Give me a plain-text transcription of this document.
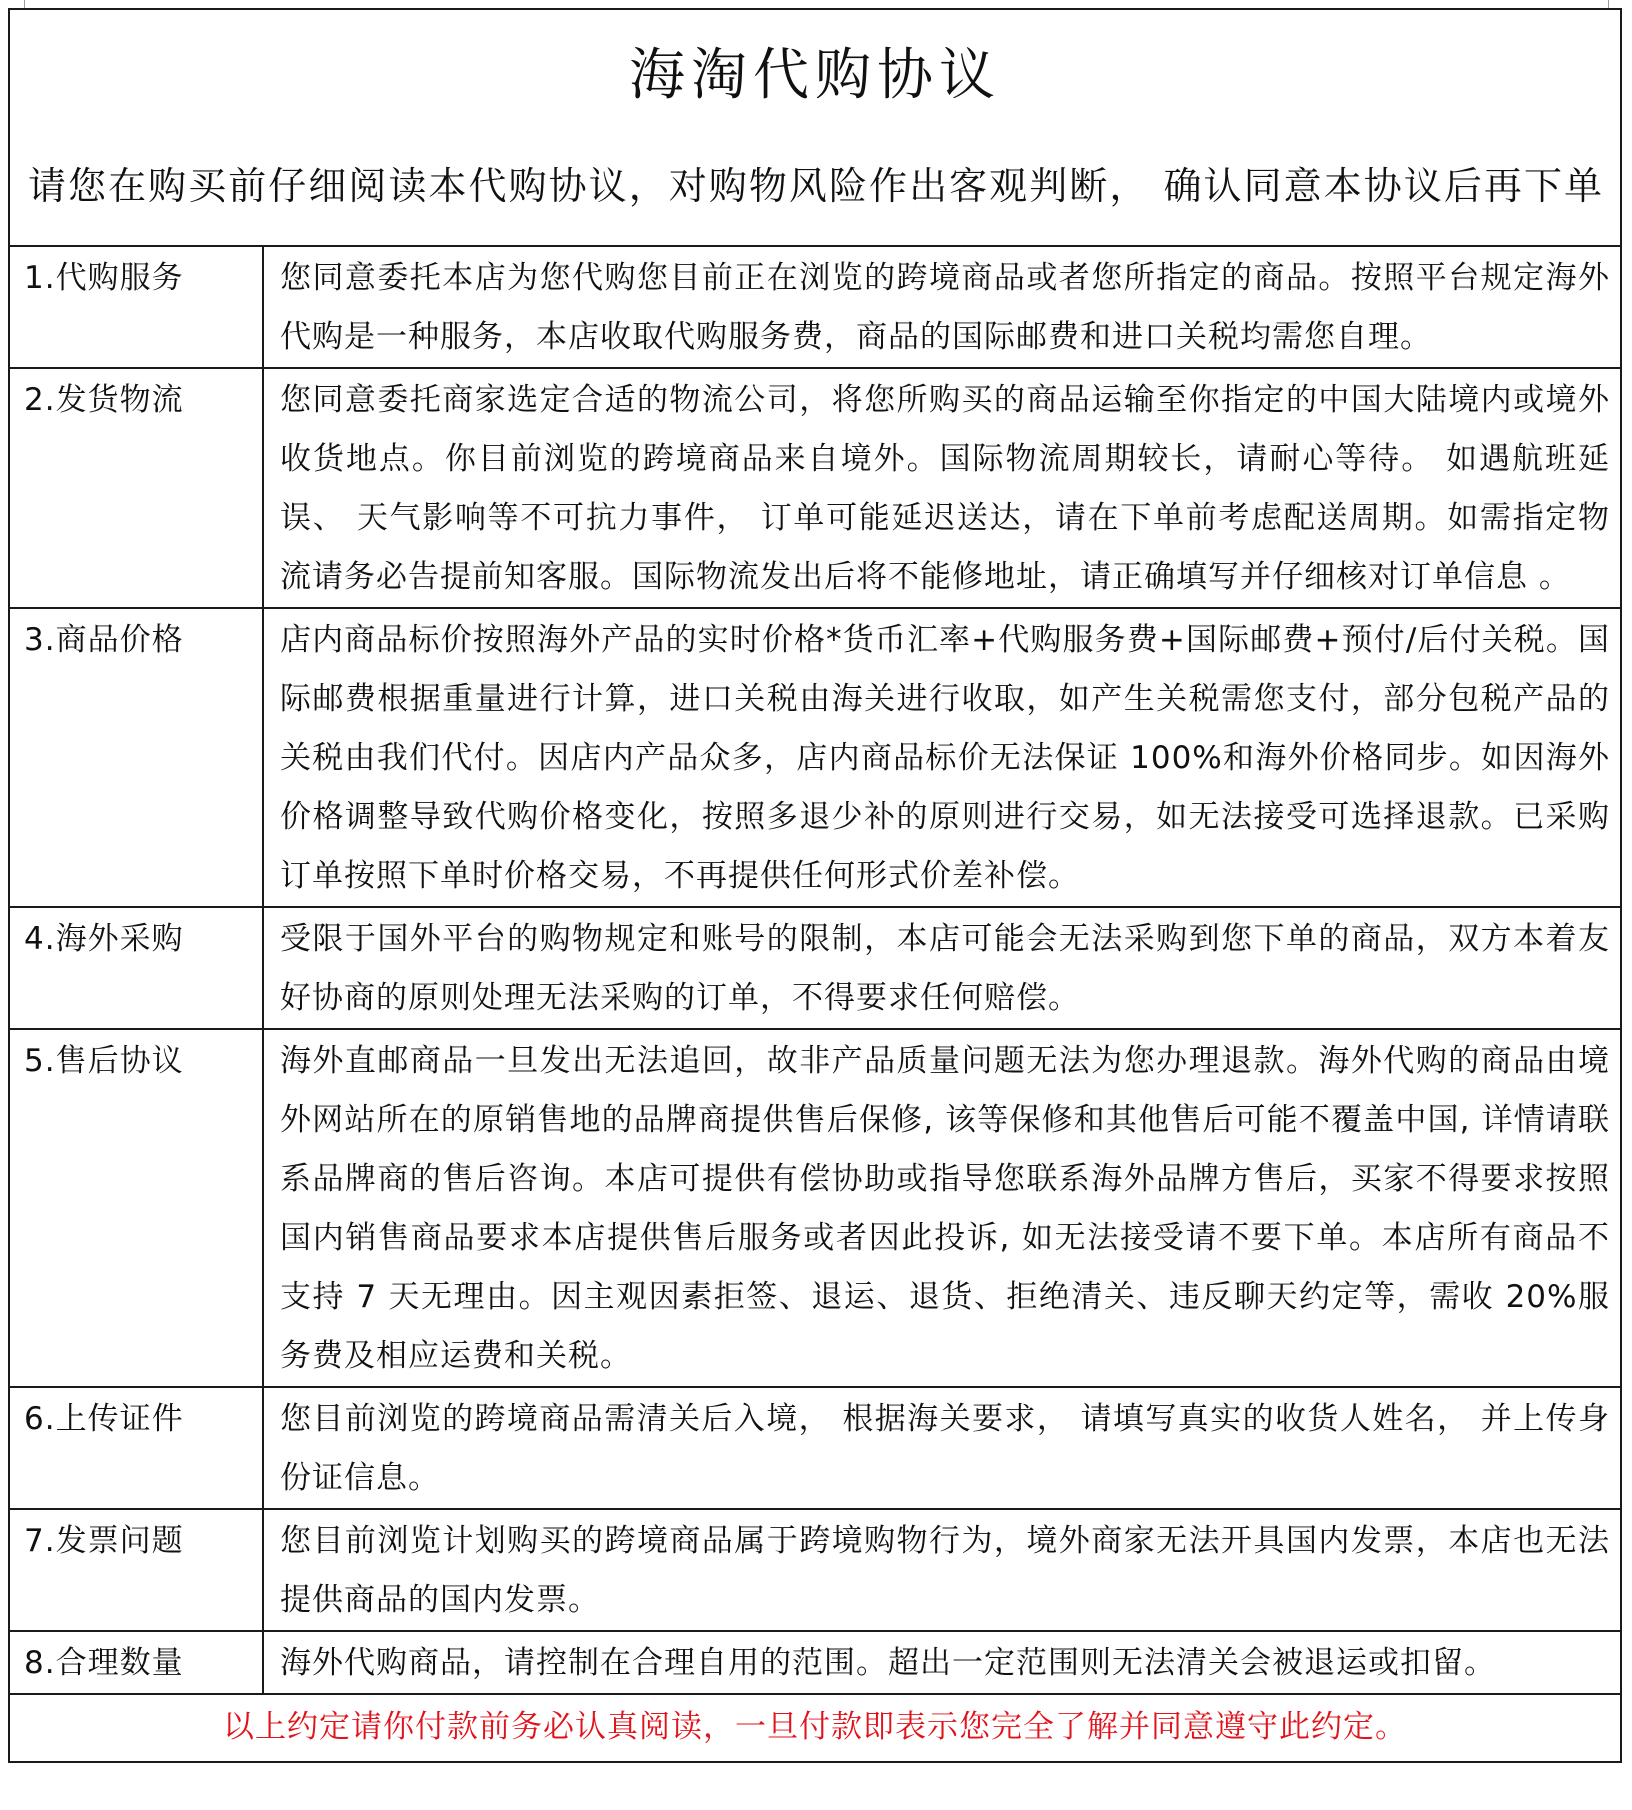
海淘代购协议
请您在购买前仔细阅读本代购协议，对购物风险作出客观判断， 确认同意本协议后再下单
1.代购服务	您同意委托本店为您代购您目前正在浏览的跨境商品或者您所指定的商品。按照平台规定海外代购是一种服务，本店收取代购服务费，商品的国际邮费和进口关税均需您自理。
2.发货物流	您同意委托商家选定合适的物流公司，将您所购买的商品运输至你指定的中国大陆境内或境外收货地点。你目前浏览的跨境商品来自境外。国际物流周期较长，请耐心等待。 如遇航班延误、 天气影响等不可抗力事件， 订单可能延迟送达，请在下单前考虑配送周期。如需指定物流请务必告提前知客服。国际物流发出后将不能修地址，请正确填写并仔细核对订单信息 。
3.商品价格	店内商品标价按照海外产品的实时价格*货币汇率+代购服务费+国际邮费+预付/后付关税。国际邮费根据重量进行计算，进口关税由海关进行收取，如产生关税需您支付，部分包税产品的关税由我们代付。因店内产品众多，店内商品标价无法保证 100%和海外价格同步。如因海外价格调整导致代购价格变化，按照多退少补的原则进行交易，如无法接受可选择退款。已采购订单按照下单时价格交易，不再提供任何形式价差补偿。
4.海外采购	受限于国外平台的购物规定和账号的限制，本店可能会无法采购到您下单的商品，双方本着友好协商的原则处理无法采购的订单，不得要求任何赔偿。
5.售后协议	海外直邮商品一旦发出无法追回，故非产品质量问题无法为您办理退款。海外代购的商品由境外网站所在的原销售地的品牌商提供售后保修, 该等保修和其他售后可能不覆盖中国, 详情请联系品牌商的售后咨询。本店可提供有偿协助或指导您联系海外品牌方售后，买家不得要求按照国内销售商品要求本店提供售后服务或者因此投诉, 如无法接受请不要下单。本店所有商品不支持 7 天无理由。因主观因素拒签、退运、退货、拒绝清关、违反聊天约定等，需收 20%服务费及相应运费和关税。
6.上传证件	您目前浏览的跨境商品需清关后入境， 根据海关要求， 请填写真实的收货人姓名， 并上传身份证信息。
7.发票问题	您目前浏览计划购买的跨境商品属于跨境购物行为，境外商家无法开具国内发票，本店也无法提供商品的国内发票。
8.合理数量	海外代购商品，请控制在合理自用的范围。超出一定范围则无法清关会被退运或扣留。
以上约定请你付款前务必认真阅读，一旦付款即表示您完全了解并同意遵守此约定。
